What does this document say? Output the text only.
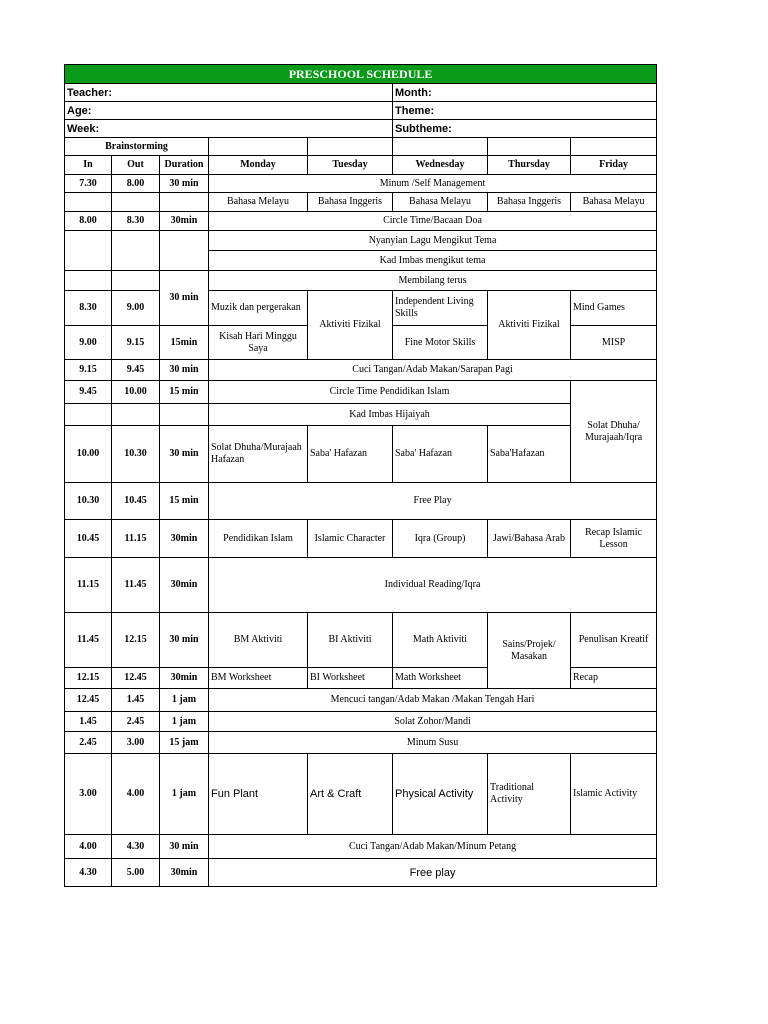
PRESCHOOL SCHEDULE							
Teacher:					Month:		
Age:					Theme:		
Week:					Subtheme:		
Brainstorming							
In	Out	Duration	Monday	Tuesday	Wednesday	Thursday	Friday
7.30	8.00	30 min	Minum /Self Management				
			Bahasa Melayu	Bahasa Inggeris	Bahasa Melayu	Bahasa Inggeris	Bahasa Melayu
8.00	8.30	30min	Circle Time/Bacaan Doa				
			Nyanyian Lagu Mengikut Tema				
			Kad Imbas mengikut tema				
		30 min	Membilang terus				
8.30	9.00		Muzik dan pergerakan	Aktiviti Fizikal	Independent Living Skills	Aktiviti Fizikal	Mind Games
9.00	9.15	15min	Kisah Hari Minggu Saya		Fine Motor Skills		MISP
9.15	9.45	30 min	Cuci Tangan/Adab Makan/Sarapan Pagi				
9.45	10.00	15 min	Circle Time Pendidikan Islam				Solat Dhuha/ Murajaah/Iqra
			Kad Imbas Hijaiyah				
10.00	10.30	30 min	Solat Dhuha/Murajaah Hafazan	Saba' Hafazan	Saba' Hafazan	Saba'Hafazan	
10.30	10.45	15 min	Free Play				
10.45	11.15	30min	Pendidikan Islam	Islamic Character	Iqra (Group)	Jawi/Bahasa Arab	Recap Islamic Lesson
11.15	11.45	30min	Individual Reading/Iqra				
11.45	12.15	30 min	BM Aktiviti	BI Aktiviti	Math Aktiviti	Sains/Projek/ Masakan	Penulisan Kreatif
12.15	12.45	30min	BM Worksheet	BI Worksheet	Math Worksheet		Recap
12.45	1.45	1 jam	Mencuci tangan/Adab Makan /Makan Tengah Hari				
1.45	2.45	1 jam	Solat Zohor/Mandi				
2.45	3.00	15 jam	Minum Susu				
3.00	4.00	1 jam	Fun Plant	Art & Craft	Physical Activity	Traditional Activity	Islamic Activity
4.00	4.30	30 min	Cuci Tangan/Adab Makan/Minum Petang				
4.30	5.00	30min	Free play				
